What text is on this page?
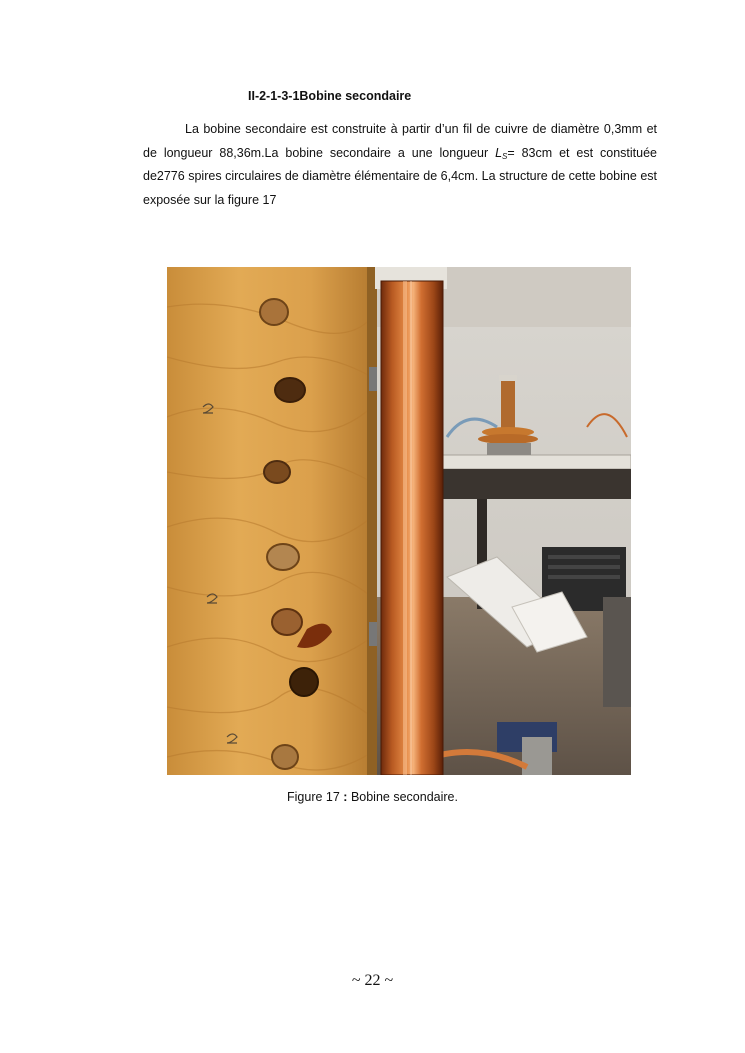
II-2-1-3-1Bobine secondaire

La bobine secondaire est construite à partir d’un fil de cuivre de diamètre 0,3mm et de longueur 88,36m.La bobine secondaire a une longueur $L_S= 83cm$ et est constituée de2776 spires circulaires de diamètre élémentaire de 6,4cm. La structure de cette bobine est exposée sur la figure 17

Figure 17 : Bobine secondaire.
~ 22 ~
